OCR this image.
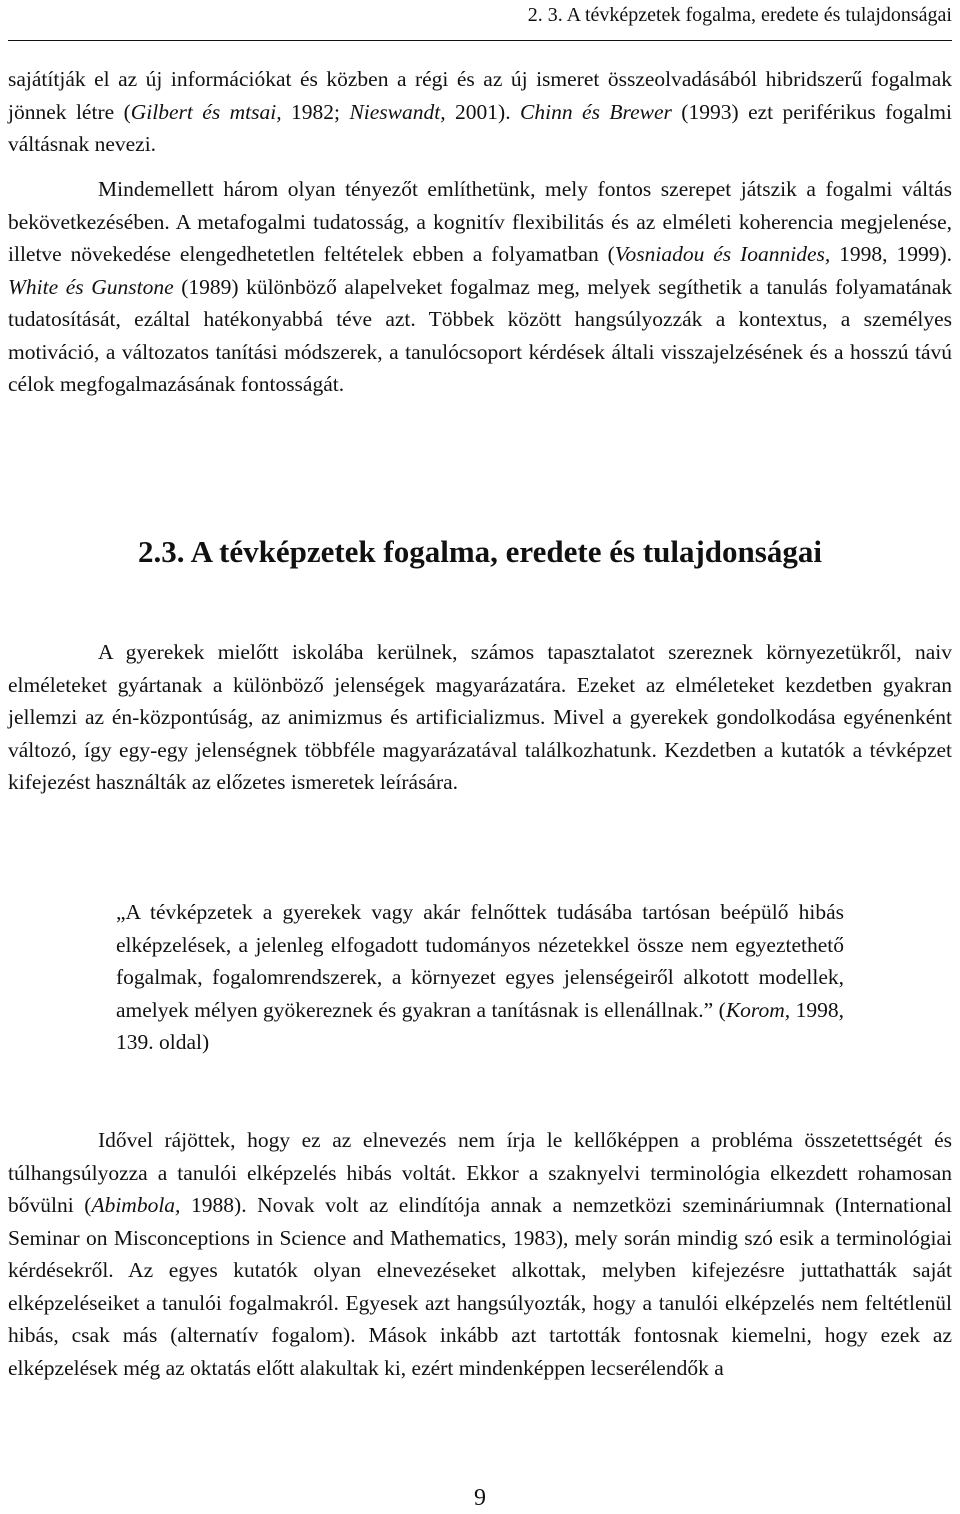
2. 3. A tévképzetek fogalma, eredete és tulajdonságai

sajátítják el az új információkat és közben a régi és az új ismeret összeolvadásából hibridszerű fogalmak jönnek létre (Gilbert és mtsai, 1982; Nieswandt, 2001). Chinn és Brewer (1993) ezt periférikus fogalmi váltásnak nevezi.

Mindemellett három olyan tényezőt említhetünk, mely fontos szerepet játszik a fogalmi váltás bekövetkezésében. A metafogalmi tudatosság, a kognitív flexibilitás és az elméleti koherencia megjelenése, illetve növekedése elengedhetetlen feltételek ebben a folyamatban (Vosniadou és Ioannides, 1998, 1999). White és Gunstone (1989) különböző alapelveket fogalmaz meg, melyek segíthetik a tanulás folyamatának tudatosítását, ezáltal hatékonyabbá téve azt. Többek között hangsúlyozzák a kontextus, a személyes motiváció, a változatos tanítási módszerek, a tanulócsoport kérdések általi visszajelzésének és a hosszú távú célok megfogalmazásának fontosságát.

2.3. A tévképzetek fogalma, eredete és tulajdonságai

A gyerekek mielőtt iskolába kerülnek, számos tapasztalatot szereznek környezetükről, naiv elméleteket gyártanak a különböző jelenségek magyarázatára. Ezeket az elméleteket kezdetben gyakran jellemzi az én-központúság, az animizmus és artificializmus. Mivel a gyerekek gondolkodása egyénenként változó, így egy-egy jelenségnek többféle magyarázatával találkozhatunk. Kezdetben a kutatók a tévképzet kifejezést használták az előzetes ismeretek leírására.

„A tévképzetek a gyerekek vagy akár felnőttek tudásába tartósan beépülő hibás elképzelések, a jelenleg elfogadott tudományos nézetekkel össze nem egyeztethető fogalmak, fogalomrendszerek, a környezet egyes jelenségeiről alkotott modellek, amelyek mélyen gyökereznek és gyakran a tanításnak is ellenállnak.” (Korom, 1998, 139. oldal)

Idővel rájöttek, hogy ez az elnevezés nem írja le kellőképpen a probléma összetettségét és túlhangsúlyozza a tanulói elképzelés hibás voltát. Ekkor a szaknyelvi terminológia elkezdett rohamosan bővülni (Abimbola, 1988). Novak volt az elindítója annak a nemzetközi szemináriumnak (International Seminar on Misconceptions in Science and Mathematics, 1983), mely során mindig szó esik a terminológiai kérdésekről. Az egyes kutatók olyan elnevezéseket alkottak, melyben kifejezésre juttathatták saját elképzeléseiket a tanulói fogalmakról. Egyesek azt hangsúlyozták, hogy a tanulói elképzelés nem feltétlenül hibás, csak más (alternatív fogalom). Mások inkább azt tartották fontosnak kiemelni, hogy ezek az elképzelések még az oktatás előtt alakultak ki, ezért mindenképpen lecserélendők a

9
